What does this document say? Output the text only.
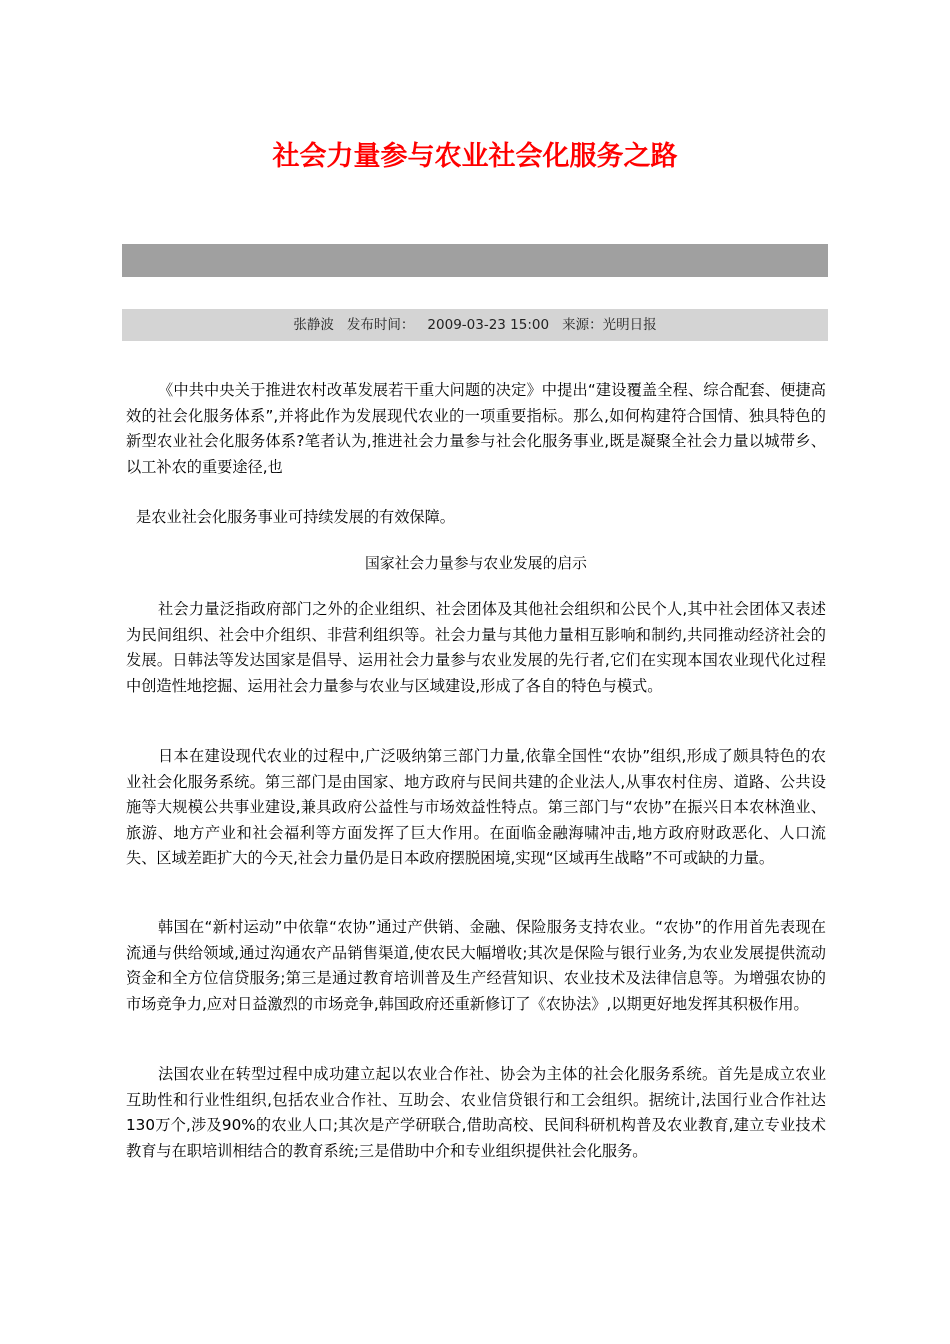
社会力量参与农业社会化服务之路
张静波 发布时间： 2009-03-23 15:00 来源：光明日报

《中共中央关于推进农村改革发展若干重大问题的决定》中提出“建设覆盖全程、综合配套、便捷高效的社会化服务体系”,并将此作为发展现代农业的一项重要指标。那么,如何构建符合国情、独具特色的新型农业社会化服务体系?笔者认为,推进社会力量参与社会化服务事业,既是凝聚全社会力量以城带乡、以工补农的重要途径,也

是农业社会化服务事业可持续发展的有效保障。

国家社会力量参与农业发展的启示

社会力量泛指政府部门之外的企业组织、社会团体及其他社会组织和公民个人,其中社会团体又表述为民间组织、社会中介组织、非营利组织等。社会力量与其他力量相互影响和制约,共同推动经济社会的发展。日韩法等发达国家是倡导、运用社会力量参与农业发展的先行者,它们在实现本国农业现代化过程中创造性地挖掘、运用社会力量参与农业与区域建设,形成了各自的特色与模式。

日本在建设现代农业的过程中,广泛吸纳第三部门力量,依靠全国性“农协”组织,形成了颇具特色的农业社会化服务系统。第三部门是由国家、地方政府与民间共建的企业法人,从事农村住房、道路、公共设施等大规模公共事业建设,兼具政府公益性与市场效益性特点。第三部门与“农协”在振兴日本农林渔业、旅游、地方产业和社会福利等方面发挥了巨大作用。在面临金融海啸冲击,地方政府财政恶化、人口流失、区域差距扩大的今天,社会力量仍是日本政府摆脱困境,实现“区域再生战略”不可或缺的力量。

韩国在“新村运动”中依靠“农协”通过产供销、金融、保险服务支持农业。“农协”的作用首先表现在流通与供给领域,通过沟通农产品销售渠道,使农民大幅增收;其次是保险与银行业务,为农业发展提供流动资金和全方位信贷服务;第三是通过教育培训普及生产经营知识、农业技术及法律信息等。为增强农协的市场竞争力,应对日益激烈的市场竞争,韩国政府还重新修订了《农协法》,以期更好地发挥其积极作用。

法国农业在转型过程中成功建立起以农业合作社、协会为主体的社会化服务系统。首先是成立农业互助性和行业性组织,包括农业合作社、互助会、农业信贷银行和工会组织。据统计,法国行业合作社达130万个,涉及90%的农业人口;其次是产学研联合,借助高校、民间科研机构普及农业教育,建立专业技术教育与在职培训相结合的教育系统;三是借助中介和专业组织提供社会化服务。
